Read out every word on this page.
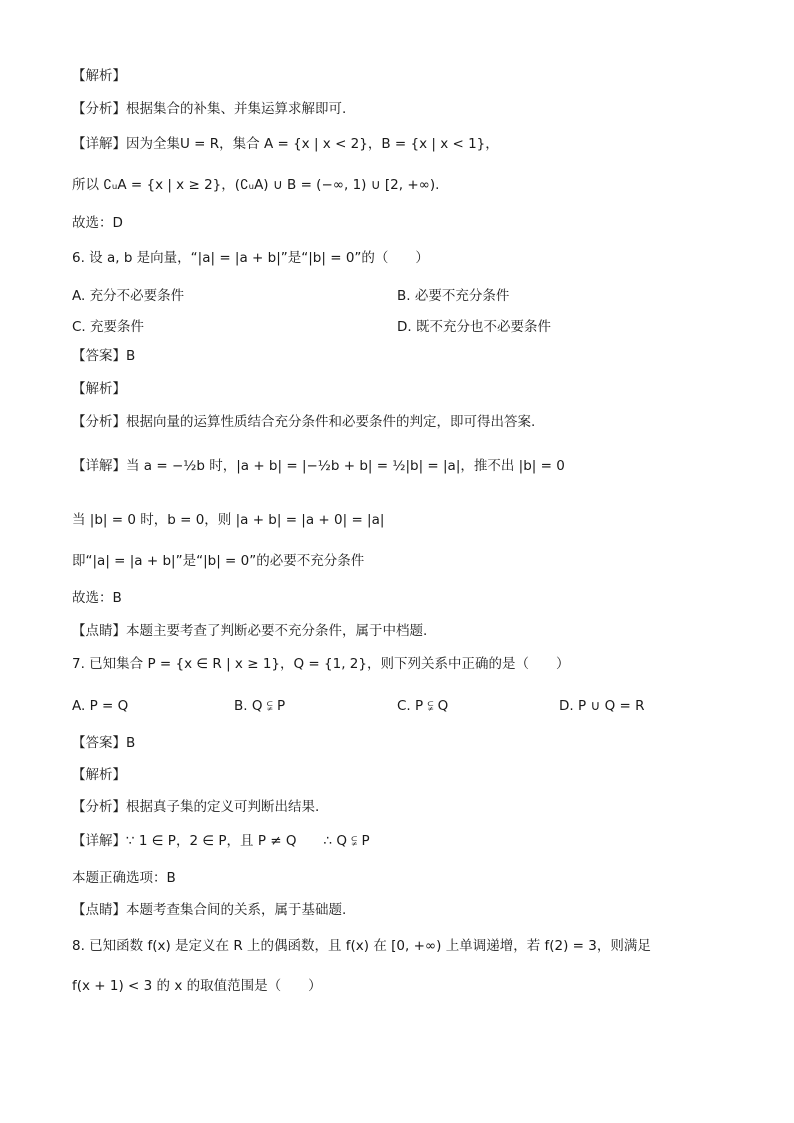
【解析】
【分析】根据集合的补集、并集运算求解即可.
【详解】因为全集U = R，集合 A = {x | x < 2}，B = {x | x < 1}，
所以 ∁ᵤA = {x | x ≥ 2}，(∁ᵤA) ∪ B = (−∞, 1) ∪ [2, +∞).
故选：D
6. 设 a, b 是向量，“|a| = |a + b|”是“|b| = 0”的（　　）
【答案】B
【解析】
【分析】根据向量的运算性质结合充分条件和必要条件的判定，即可得出答案.
【详解】当 a = −½b 时，|a + b| = |−½b + b| = ½|b| = |a|，推不出 |b| = 0
当 |b| = 0 时，b = 0，则 |a + b| = |a + 0| = |a|
即“|a| = |a + b|”是“|b| = 0”的必要不充分条件
故选：B
【点睛】本题主要考查了判断必要不充分条件，属于中档题.
7. 已知集合 P = {x ∈ R | x ≥ 1}，Q = {1, 2}，则下列关系中正确的是（　　）
【答案】B
【解析】
【分析】根据真子集的定义可判断出结果.
【详解】∵ 1 ∈ P，2 ∈ P，且 P ≠ Q　　∴ Q ⫋ P
本题正确选项：B
【点睛】本题考查集合间的关系，属于基础题.
8. 已知函数 f(x) 是定义在 R 上的偶函数，且 f(x) 在 [0, +∞) 上单调递增，若 f(2) = 3，则满足
f(x + 1) < 3 的 x 的取值范围是（　　）
A. 充分不必要条件	B. 必要不充分条件
C. 充要条件	D. 既不充分也不必要条件
A. P = Q	B. Q ⫋ P	C. P ⫋ Q	D. P ∪ Q = R
